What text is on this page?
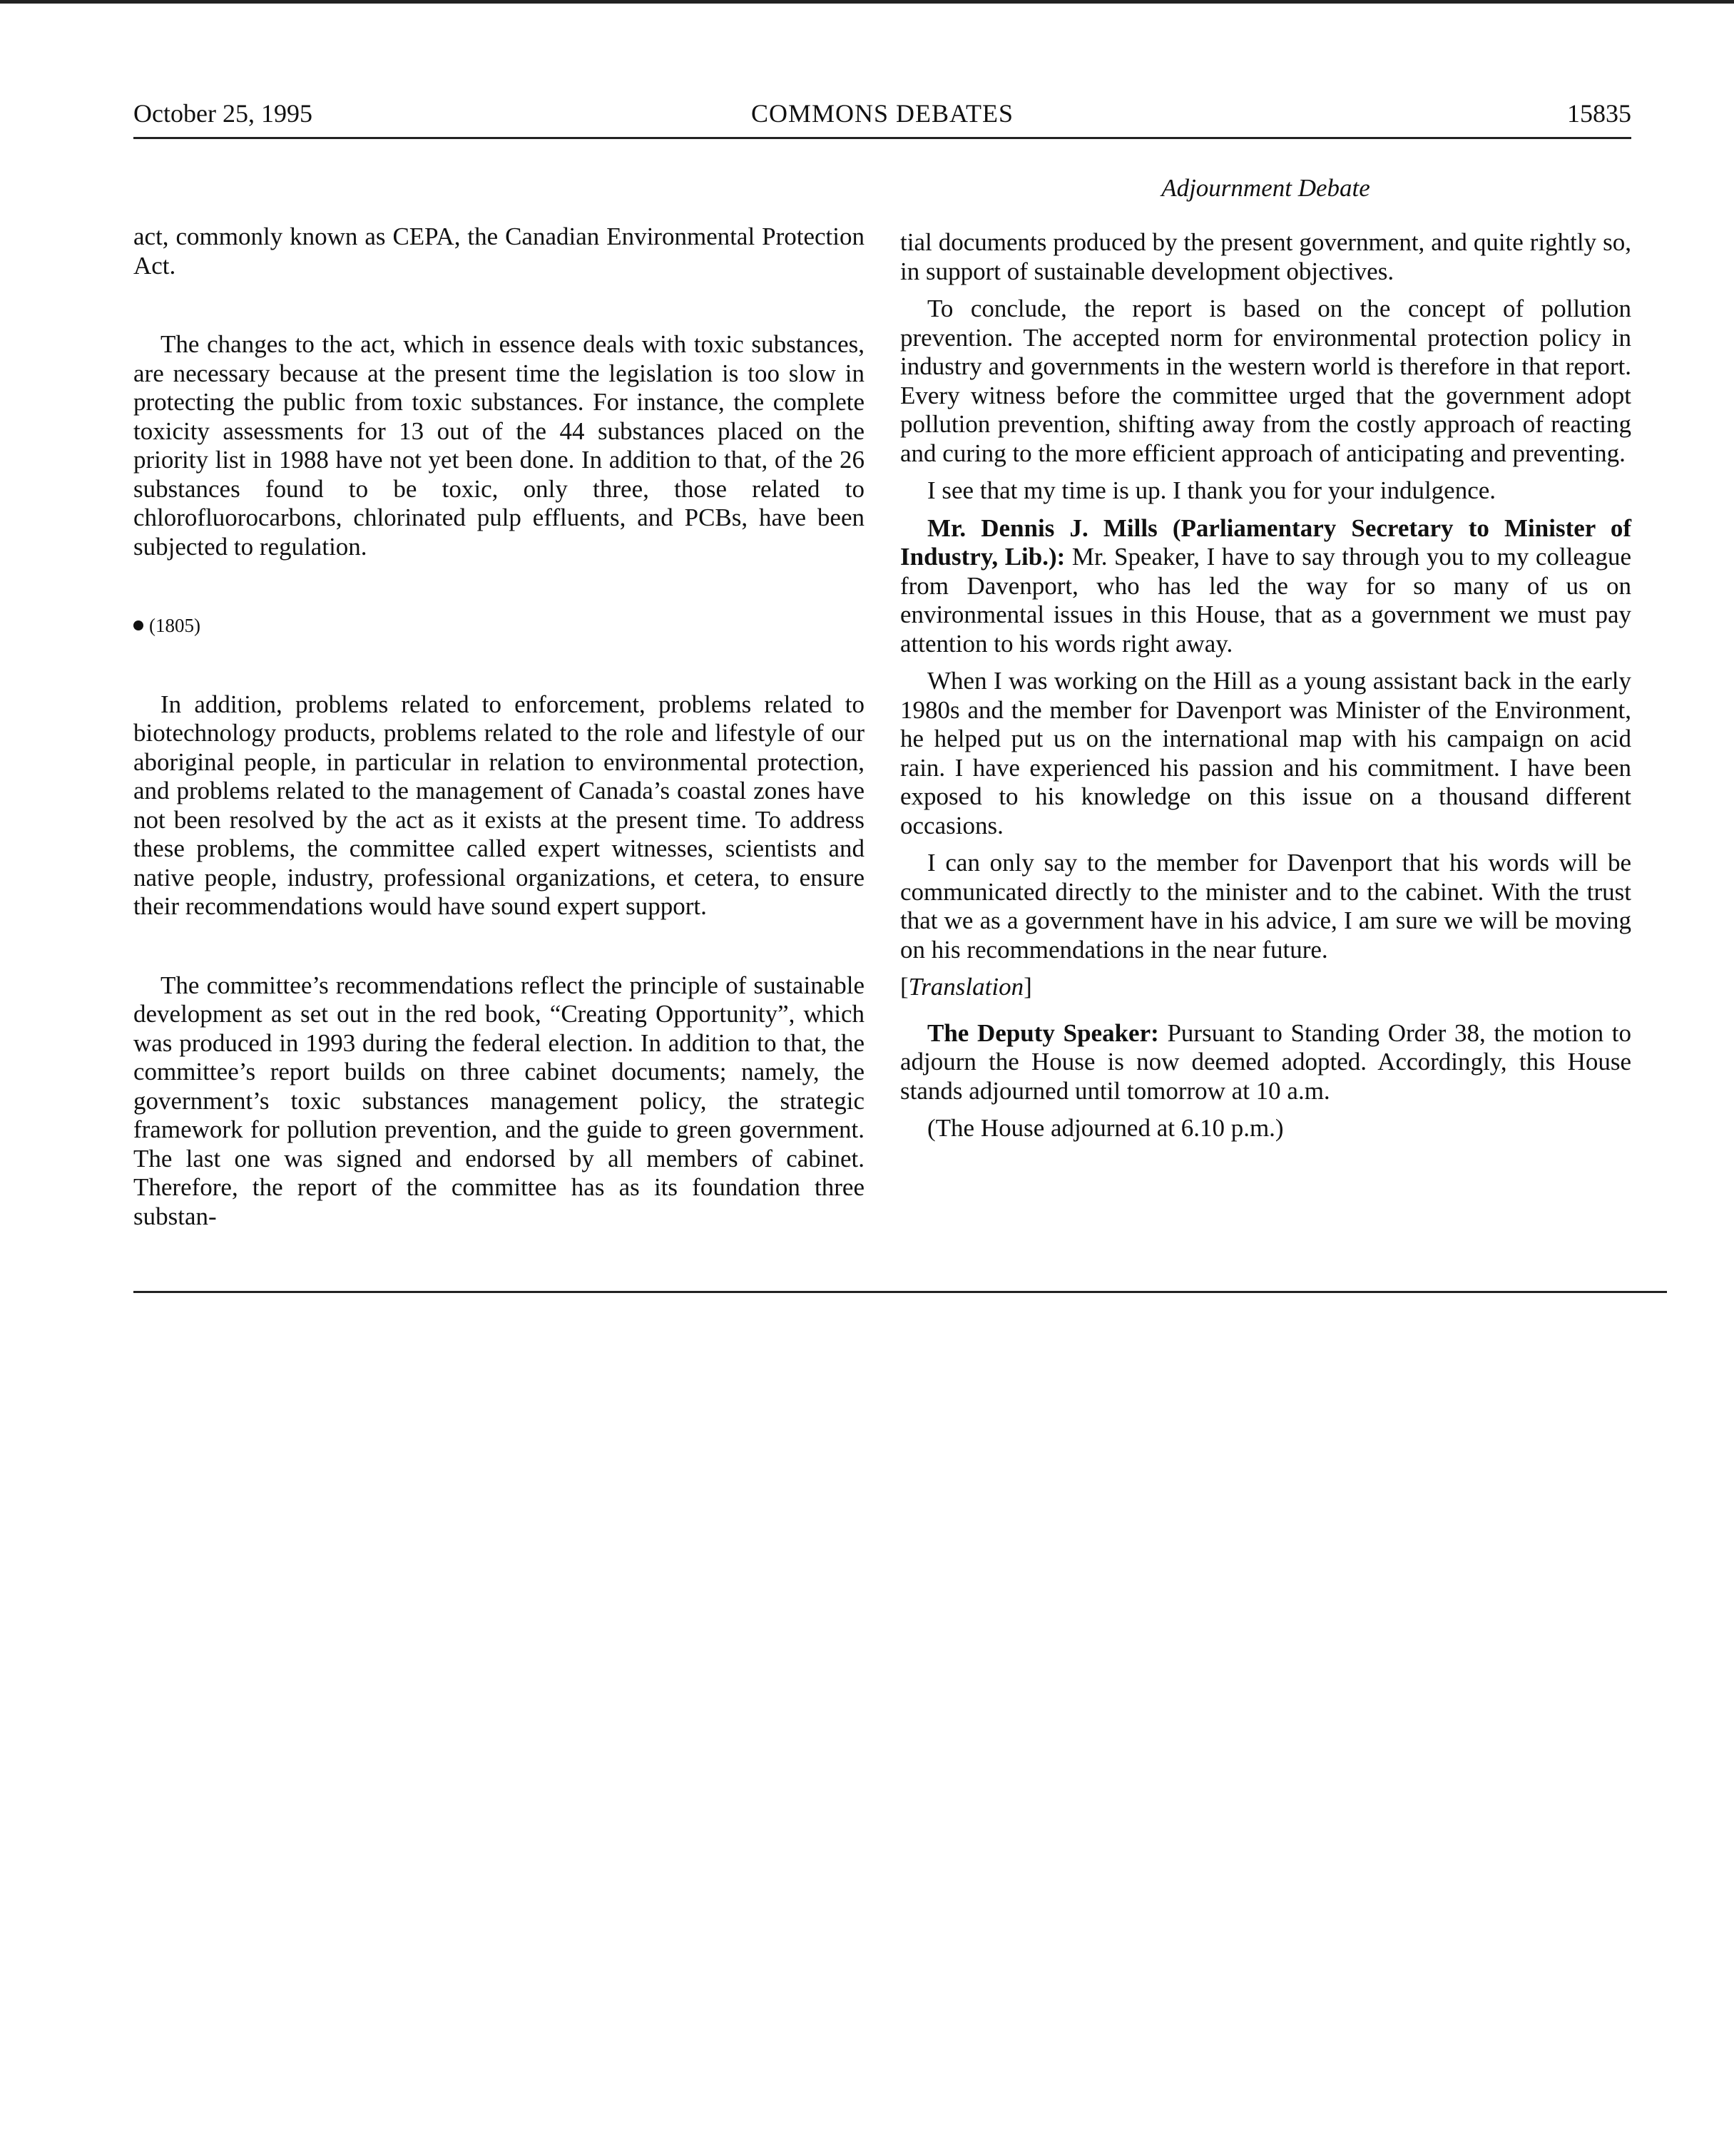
October 25, 1995	COMMONS DEBATES	15835
Adjournment Debate

act, commonly known as CEPA, the Canadian Environmental Protection Act.

The changes to the act, which in essence deals with toxic substances, are necessary because at the present time the legislation is too slow in protecting the public from toxic substances. For instance, the complete toxicity assessments for 13 out of the 44 substances placed on the priority list in 1988 have not yet been done. In addition to that, of the 26 substances found to be toxic, only three, those related to chlorofluorocarbons, chlorinated pulp effluents, and PCBs, have been subjected to regulation.

(1805)

In addition, problems related to enforcement, problems related to biotechnology products, problems related to the role and lifestyle of our aboriginal people, in particular in relation to environmental protection, and problems related to the management of Canada’s coastal zones have not been resolved by the act as it exists at the present time. To address these problems, the committee called expert witnesses, scientists and native people, industry, professional organizations, et cetera, to ensure their recommendations would have sound expert support.

The committee’s recommendations reflect the principle of sustainable development as set out in the red book, “Creating Opportunity”, which was produced in 1993 during the federal election. In addition to that, the committee’s report builds on three cabinet documents; namely, the government’s toxic substances management policy, the strategic framework for pollution prevention, and the guide to green government. The last one was signed and endorsed by all members of cabinet. Therefore, the report of the committee has as its foundation three substan-

tial documents produced by the present government, and quite rightly so, in support of sustainable development objectives.

To conclude, the report is based on the concept of pollution prevention. The accepted norm for environmental protection policy in industry and governments in the western world is therefore in that report. Every witness before the committee urged that the government adopt pollution prevention, shifting away from the costly approach of reacting and curing to the more efficient approach of anticipating and preventing.

I see that my time is up. I thank you for your indulgence.

Mr. Dennis J. Mills (Parliamentary Secretary to Minister of Industry, Lib.): Mr. Speaker, I have to say through you to my colleague from Davenport, who has led the way for so many of us on environmental issues in this House, that as a government we must pay attention to his words right away.

When I was working on the Hill as a young assistant back in the early 1980s and the member for Davenport was Minister of the Environment, he helped put us on the international map with his campaign on acid rain. I have experienced his passion and his commitment. I have been exposed to his knowledge on this issue on a thousand different occasions.

I can only say to the member for Davenport that his words will be communicated directly to the minister and to the cabinet. With the trust that we as a government have in his advice, I am sure we will be moving on his recommendations in the near future.

[Translation]

The Deputy Speaker: Pursuant to Standing Order 38, the motion to adjourn the House is now deemed adopted. Accordingly, this House stands adjourned until tomorrow at 10 a.m.

(The House adjourned at 6.10 p.m.)
